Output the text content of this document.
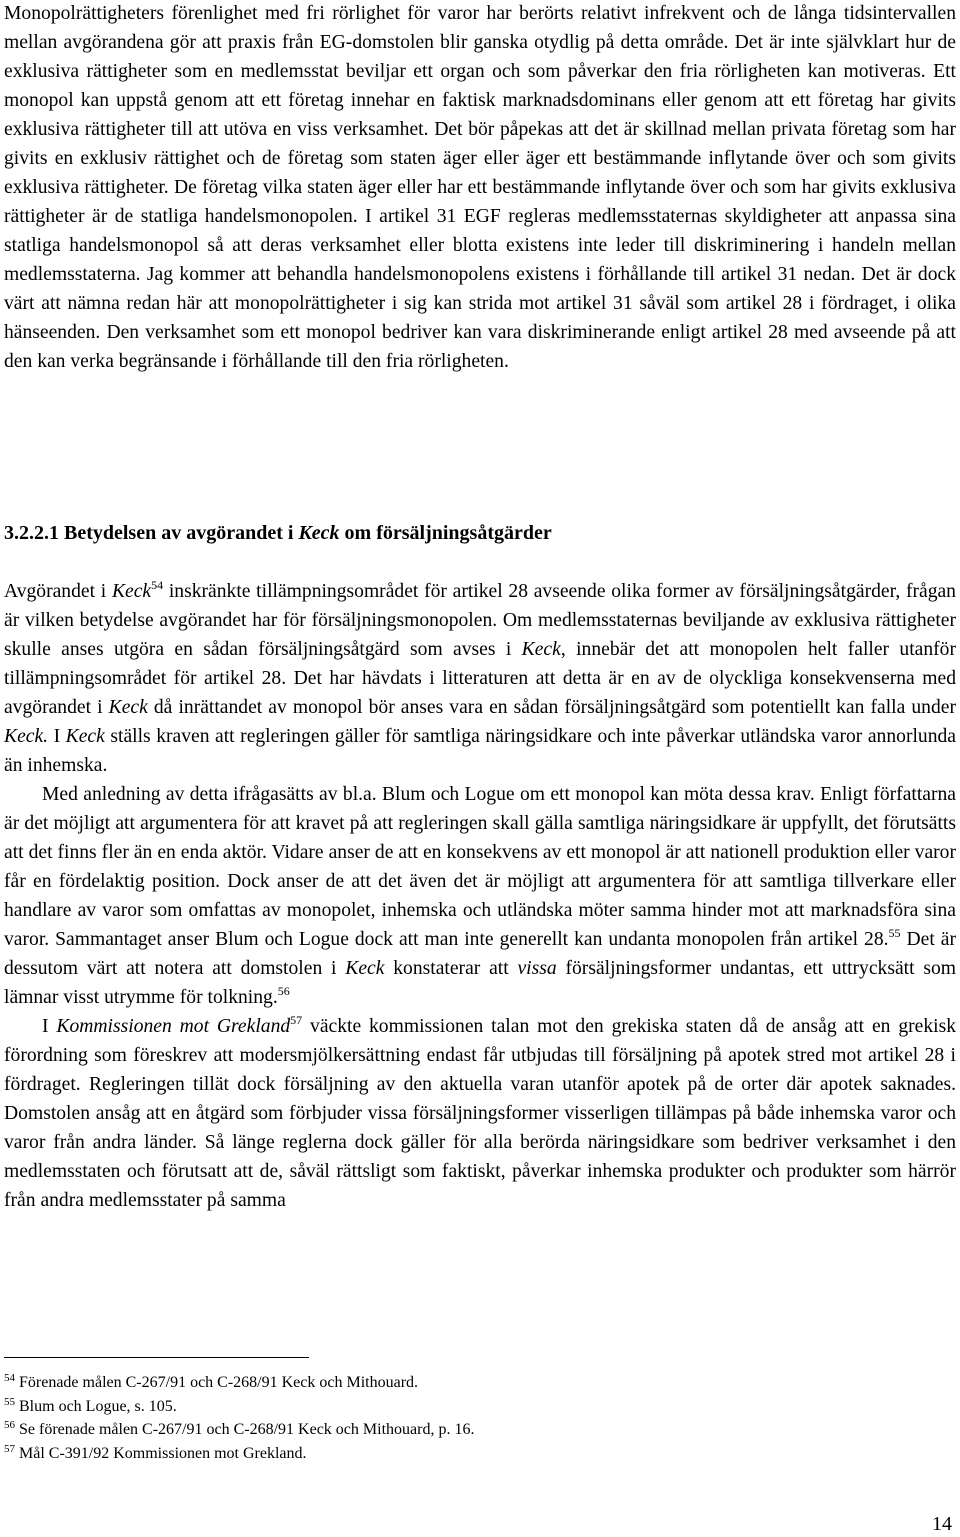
Monopolrättigheters förenlighet med fri rörlighet för varor har berörts relativt infrekvent och de långa tidsintervallen mellan avgörandena gör att praxis från EG-domstolen blir ganska otydlig på detta område. Det är inte självklart hur de exklusiva rättigheter som en medlemsstat beviljar ett organ och som påverkar den fria rörligheten kan motiveras. Ett monopol kan uppstå genom att ett företag innehar en faktisk marknadsdominans eller genom att ett företag har givits exklusiva rättigheter till att utöva en viss verksamhet. Det bör påpekas att det är skillnad mellan privata företag som har givits en exklusiv rättighet och de företag som staten äger eller äger ett bestämmande inflytande över och som givits exklusiva rättigheter. De företag vilka staten äger eller har ett bestämmande inflytande över och som har givits exklusiva rättigheter är de statliga handelsmonopolen. I artikel 31 EGF regleras medlemsstaternas skyldigheter att anpassa sina statliga handelsmonopol så att deras verksamhet eller blotta existens inte leder till diskriminering i handeln mellan medlemsstaterna. Jag kommer att behandla handelsmonopolens existens i förhållande till artikel 31 nedan. Det är dock värt att nämna redan här att monopolrättigheter i sig kan strida mot artikel 31 såväl som artikel 28 i fördraget, i olika hänseenden. Den verksamhet som ett monopol bedriver kan vara diskriminerande enligt artikel 28 med avseende på att den kan verka begränsande i förhållande till den fria rörligheten.

3.2.2.1 Betydelsen av avgörandet i Keck om försäljningsåtgärder

Avgörandet i Keck$^{54}$ inskränkte tillämpningsområdet för artikel 28 avseende olika former av försäljningsåtgärder, frågan är vilken betydelse avgörandet har för försäljningsmonopolen. Om medlemsstaternas beviljande av exklusiva rättigheter skulle anses utgöra en sådan försäljningsåtgärd som avses i Keck, innebär det att monopolen helt faller utanför tillämpningsområdet för artikel 28. Det har hävdats i litteraturen att detta är en av de olyckliga konsekvenserna med avgörandet i Keck då inrättandet av monopol bör anses vara en sådan försäljningsåtgärd som potentiellt kan falla under Keck. I Keck ställs kraven att regleringen gäller för samtliga näringsidkare och inte påverkar utländska varor annorlunda än inhemska.

Med anledning av detta ifrågasätts av bl.a. Blum och Logue om ett monopol kan möta dessa krav. Enligt författarna är det möjligt att argumentera för att kravet på att regleringen skall gälla samtliga näringsidkare är uppfyllt, det förutsätts att det finns fler än en enda aktör. Vidare anser de att en konsekvens av ett monopol är att nationell produktion eller varor får en fördelaktig position. Dock anser de att det även det är möjligt att argumentera för att samtliga tillverkare eller handlare av varor som omfattas av monopolet, inhemska och utländska möter samma hinder mot att marknadsföra sina varor. Sammantaget anser Blum och Logue dock att man inte generellt kan undanta monopolen från artikel 28.55 Det är dessutom värt att notera att domstolen i Keck konstaterar att vissa försäljningsformer undantas, ett uttrycksätt som lämnar visst utrymme för tolkning.$^{56}$

I Kommissionen mot Grekland$^{57}$ väckte kommissionen talan mot den grekiska staten då de ansåg att en grekisk förordning som föreskrev att modersmjölkersättning endast får utbjudas till försäljning på apotek stred mot artikel 28 i fördraget. Regleringen tillät dock försäljning av den aktuella varan utanför apotek på de orter där apotek saknades. Domstolen ansåg att en åtgärd som förbjuder vissa försäljningsformer visserligen tillämpas på både inhemska varor och varor från andra länder. Så länge reglerna dock gäller för alla berörda näringsidkare som bedriver verksamhet i den medlemsstaten och förutsatt att de, såväl rättsligt som faktiskt, påverkar inhemska produkter och produkter som härrör från andra medlemsstater på samma

$^{54}$ Förenade målen C-267/91 och C-268/91 Keck och Mithouard.

$^{55}$ Blum och Logue, s. 105.

$^{56}$ Se förenade målen C-267/91 och C-268/91 Keck och Mithouard, p. 16.

$^{57}$ Mål C-391/92 Kommissionen mot Grekland.

14
